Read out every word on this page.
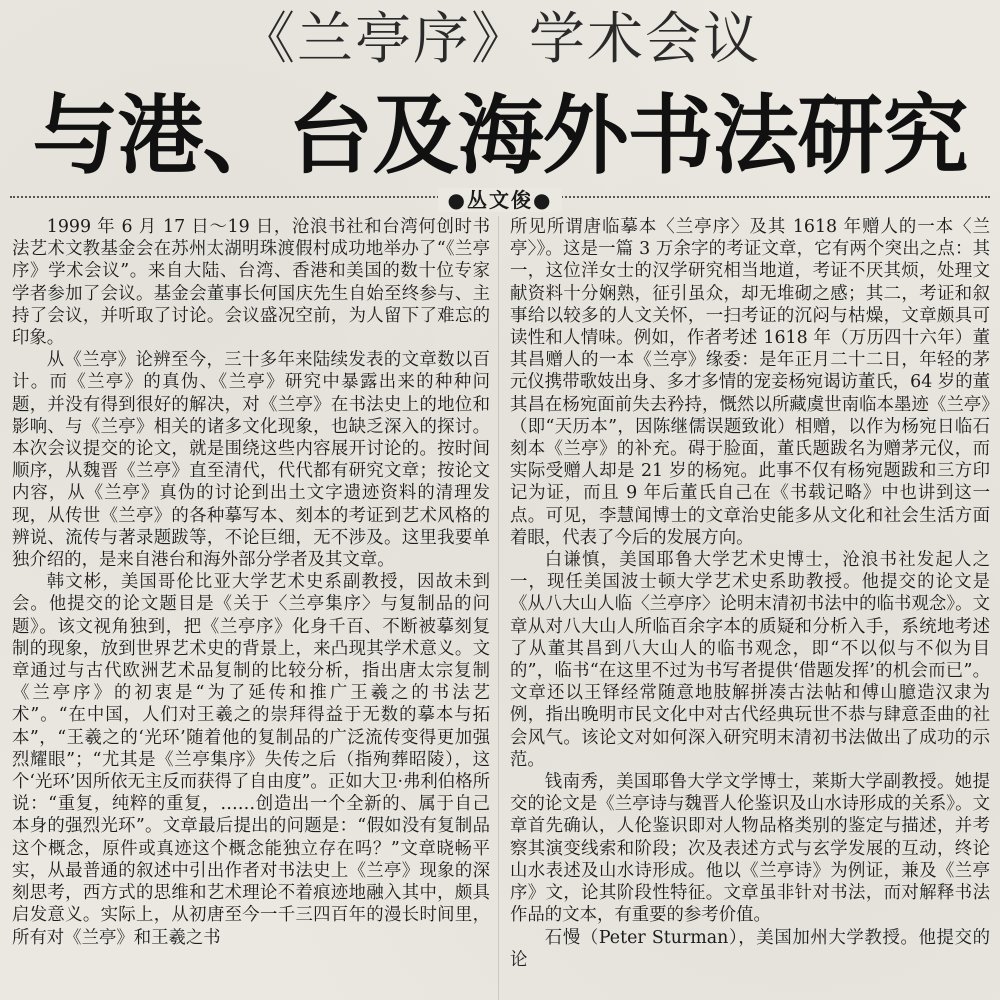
《兰亭序》学术会议
与港、台及海外书法研究
●丛文俊●

1999 年 6 月 17 日～19 日，沧浪书社和台湾何创时书法艺术文教基金会在苏州太湖明珠渡假村成功地举办了“《兰亭序》学术会议”。来自大陆、台湾、香港和美国的数十位专家学者参加了会议。基金会董事长何国庆先生自始至终参与、主持了会议，并听取了讨论。会议盛况空前，为人留下了难忘的印象。

从《兰亭》论辨至今，三十多年来陆续发表的文章数以百计。而《兰亭》的真伪、《兰亭》研究中暴露出来的种种问题，并没有得到很好的解决，对《兰亭》在书法史上的地位和影响、与《兰亭》相关的诸多文化现象，也缺乏深入的探讨。本次会议提交的论文，就是围绕这些内容展开讨论的。按时间顺序，从魏晋《兰亭》直至清代，代代都有研究文章；按论文内容，从《兰亭》真伪的讨论到出土文字遗迹资料的清理发现，从传世《兰亭》的各种摹写本、刻本的考证到艺术风格的辨说、流传与著录题跋等，不论巨细，无不涉及。这里我要单独介绍的，是来自港台和海外部分学者及其文章。

韩文彬，美国哥伦比亚大学艺术史系副教授，因故未到会。他提交的论文题目是《关于〈兰亭集序〉与复制品的问题》。该文视角独到，把《兰亭序》化身千百、不断被摹刻复制的现象，放到世界艺术史的背景上，来凸现其学术意义。文章通过与古代欧洲艺术品复制的比较分析，指出唐太宗复制《兰亭序》的初衷是“为了延传和推广王羲之的书法艺术”。“在中国，人们对王羲之的崇拜得益于无数的摹本与拓本”，“王羲之的‘光环’随着他的复制品的广泛流传变得更加强烈耀眼”；“尤其是《兰亭集序》失传之后（指殉葬昭陵），这个‘光环’因所依无主反而获得了自由度”。正如大卫·弗利伯格所说：“重复，纯粹的重复，……创造出一个全新的、属于自己本身的强烈光环”。文章最后提出的问题是：“假如没有复制品这个概念，原件或真迹这个概念能独立存在吗？”文章晓畅平实，从最普通的叙述中引出作者对书法史上《兰亭》现象的深刻思考，西方式的思维和艺术理论不着痕迹地融入其中，颇具启发意义。实际上，从初唐至今一千三四百年的漫长时间里，所有对《兰亭》和王羲之书

所见所谓唐临摹本〈兰亭序〉及其 1618 年赠人的一本〈兰亭〉》。这是一篇 3 万余字的考证文章，它有两个突出之点：其一，这位洋女士的汉学研究相当地道，考证不厌其烦，处理文献资料十分娴熟，征引虽众，却无堆砌之感；其二，考证和叙事给以较多的人文关怀，一扫考证的沉闷与枯燥，文章颇具可读性和人情味。例如，作者考述 1618 年（万历四十六年）董其昌赠人的一本《兰亭》缘委：是年正月二十二日，年轻的茅元仪携带歌妓出身、多才多情的宠妾杨宛谒访董氏，64 岁的董其昌在杨宛面前失去矜持，慨然以所藏虞世南临本墨迹《兰亭》（即“天历本”，因陈继儒误题致讹）相赠，以作为杨宛日临石刻本《兰亭》的补充。碍于脸面，董氏题跋名为赠茅元仪，而实际受赠人却是 21 岁的杨宛。此事不仅有杨宛题跋和三方印记为证，而且 9 年后董氏自己在《书载记略》中也讲到这一点。可见，李慧闻博士的文章治史能多从文化和社会生活方面着眼，代表了今后的发展方向。

白谦慎，美国耶鲁大学艺术史博士，沧浪书社发起人之一，现任美国波士顿大学艺术史系助教授。他提交的论文是《从八大山人临〈兰亭序〉论明末清初书法中的临书观念》。文章从对八大山人所临百余字本的质疑和分析入手，系统地考述了从董其昌到八大山人的临书观念，即“不以似与不似为目的”，临书“在这里不过为书写者提供‘借题发挥’的机会而已”。文章还以王铎经常随意地肢解拼凑古法帖和傅山臆造汉隶为例，指出晚明市民文化中对古代经典玩世不恭与肆意歪曲的社会风气。该论文对如何深入研究明末清初书法做出了成功的示范。

钱南秀，美国耶鲁大学文学博士，莱斯大学副教授。她提交的论文是《兰亭诗与魏晋人伦鉴识及山水诗形成的关系》。文章首先确认，人伦鉴识即对人物品格类别的鉴定与描述，并考察其演变线索和阶段；次及表述方式与玄学发展的互动，终论山水表述及山水诗形成。他以《兰亭诗》为例证，兼及《兰亭序》文，论其阶段性特征。文章虽非针对书法，而对解释书法作品的文本，有重要的参考价值。

石慢（Peter Sturman），美国加州大学教授。他提交的论
